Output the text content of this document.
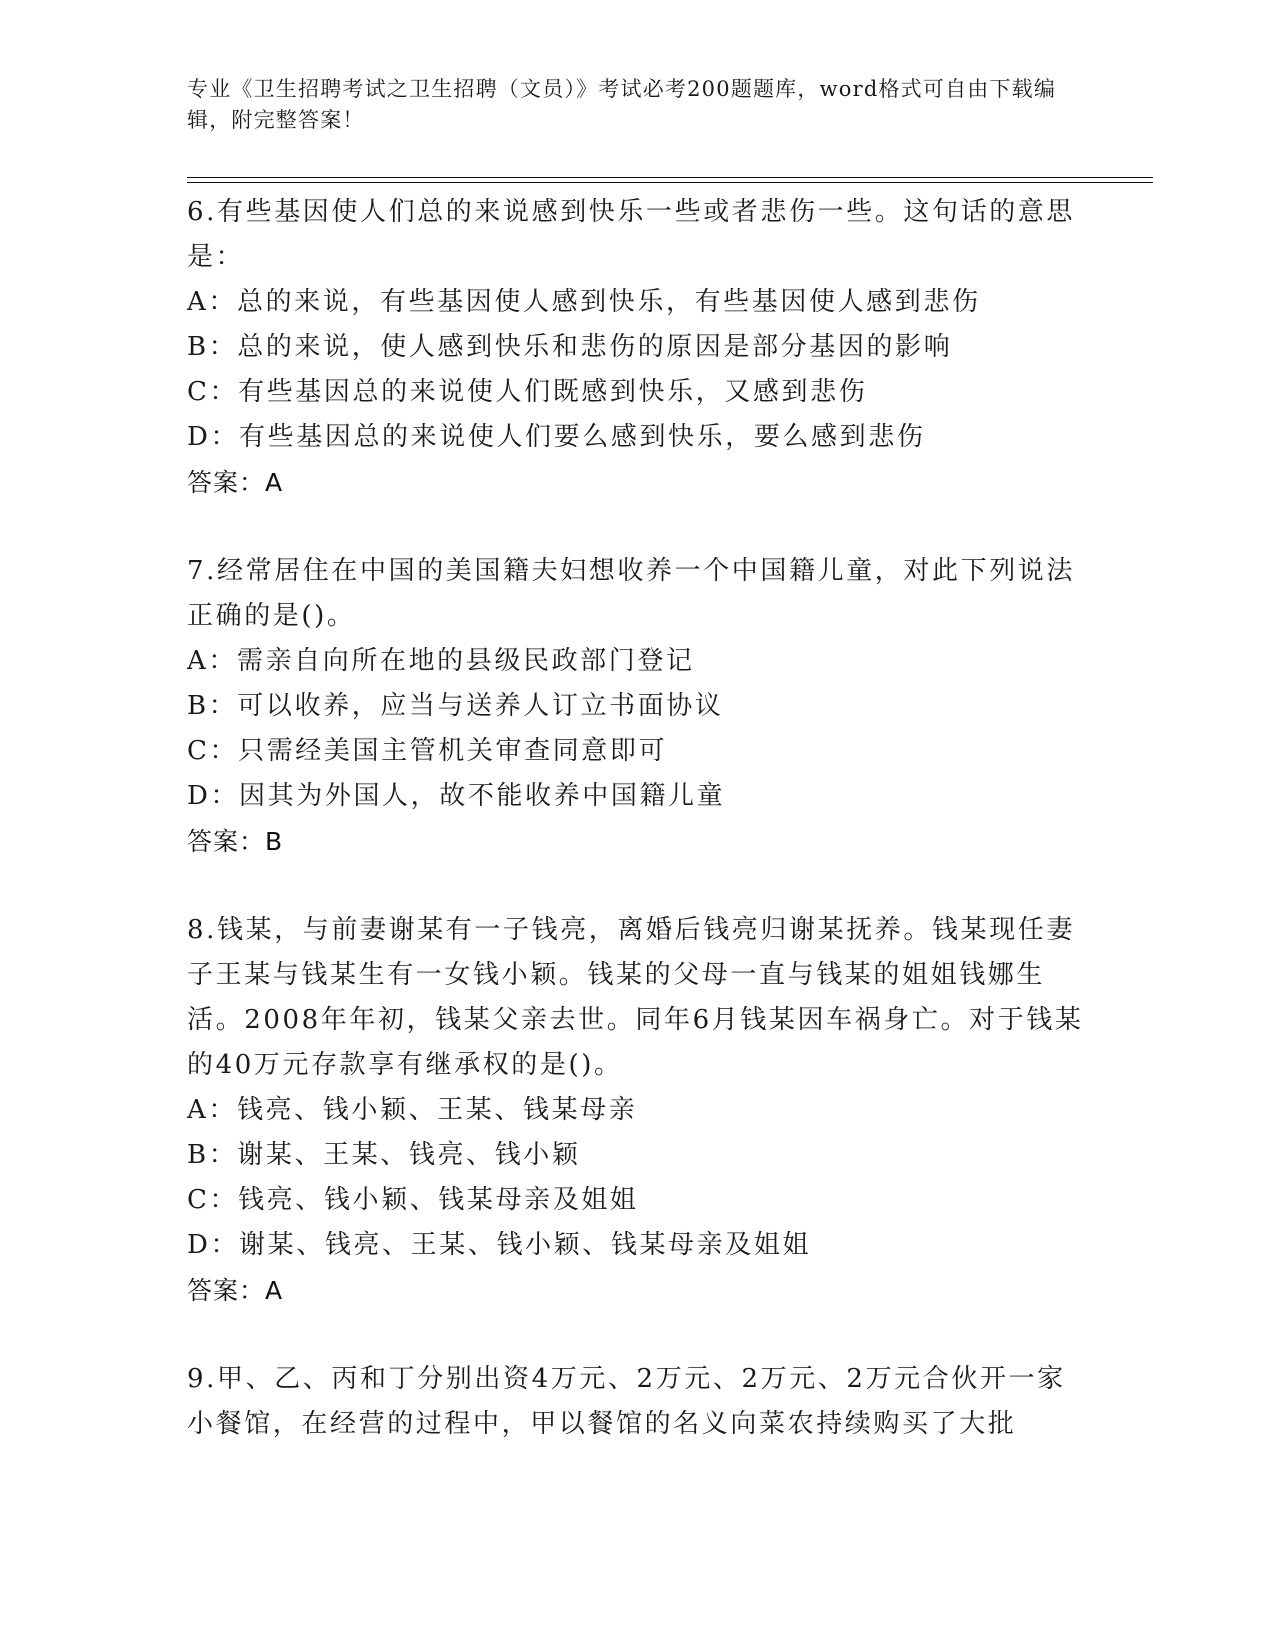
专业《卫生招聘考试之卫生招聘（文员）》考试必考200题题库，word格式可自由下载编辑，附完整答案！

6.有些基因使人们总的来说感到快乐一些或者悲伤一些。这句话的意思是：

A：总的来说，有些基因使人感到快乐，有些基因使人感到悲伤

B：总的来说，使人感到快乐和悲伤的原因是部分基因的影响

C：有些基因总的来说使人们既感到快乐，又感到悲伤

D：有些基因总的来说使人们要么感到快乐，要么感到悲伤

答案：A

7.经常居住在中国的美国籍夫妇想收养一个中国籍儿童，对此下列说法正确的是()。

A：需亲自向所在地的县级民政部门登记

B：可以收养，应当与送养人订立书面协议

C：只需经美国主管机关审查同意即可

D：因其为外国人，故不能收养中国籍儿童

答案：B

8.钱某，与前妻谢某有一子钱亮，离婚后钱亮归谢某抚养。钱某现任妻子王某与钱某生有一女钱小颖。钱某的父母一直与钱某的姐姐钱娜生活。2008年年初，钱某父亲去世。同年6月钱某因车祸身亡。对于钱某的40万元存款享有继承权的是()。

A：钱亮、钱小颖、王某、钱某母亲

B：谢某、王某、钱亮、钱小颖

C：钱亮、钱小颖、钱某母亲及姐姐

D：谢某、钱亮、王某、钱小颖、钱某母亲及姐姐

答案：A

9.甲、乙、丙和丁分别出资4万元、2万元、2万元、2万元合伙开一家小餐馆，在经营的过程中，甲以餐馆的名义向菜农持续购买了大批
